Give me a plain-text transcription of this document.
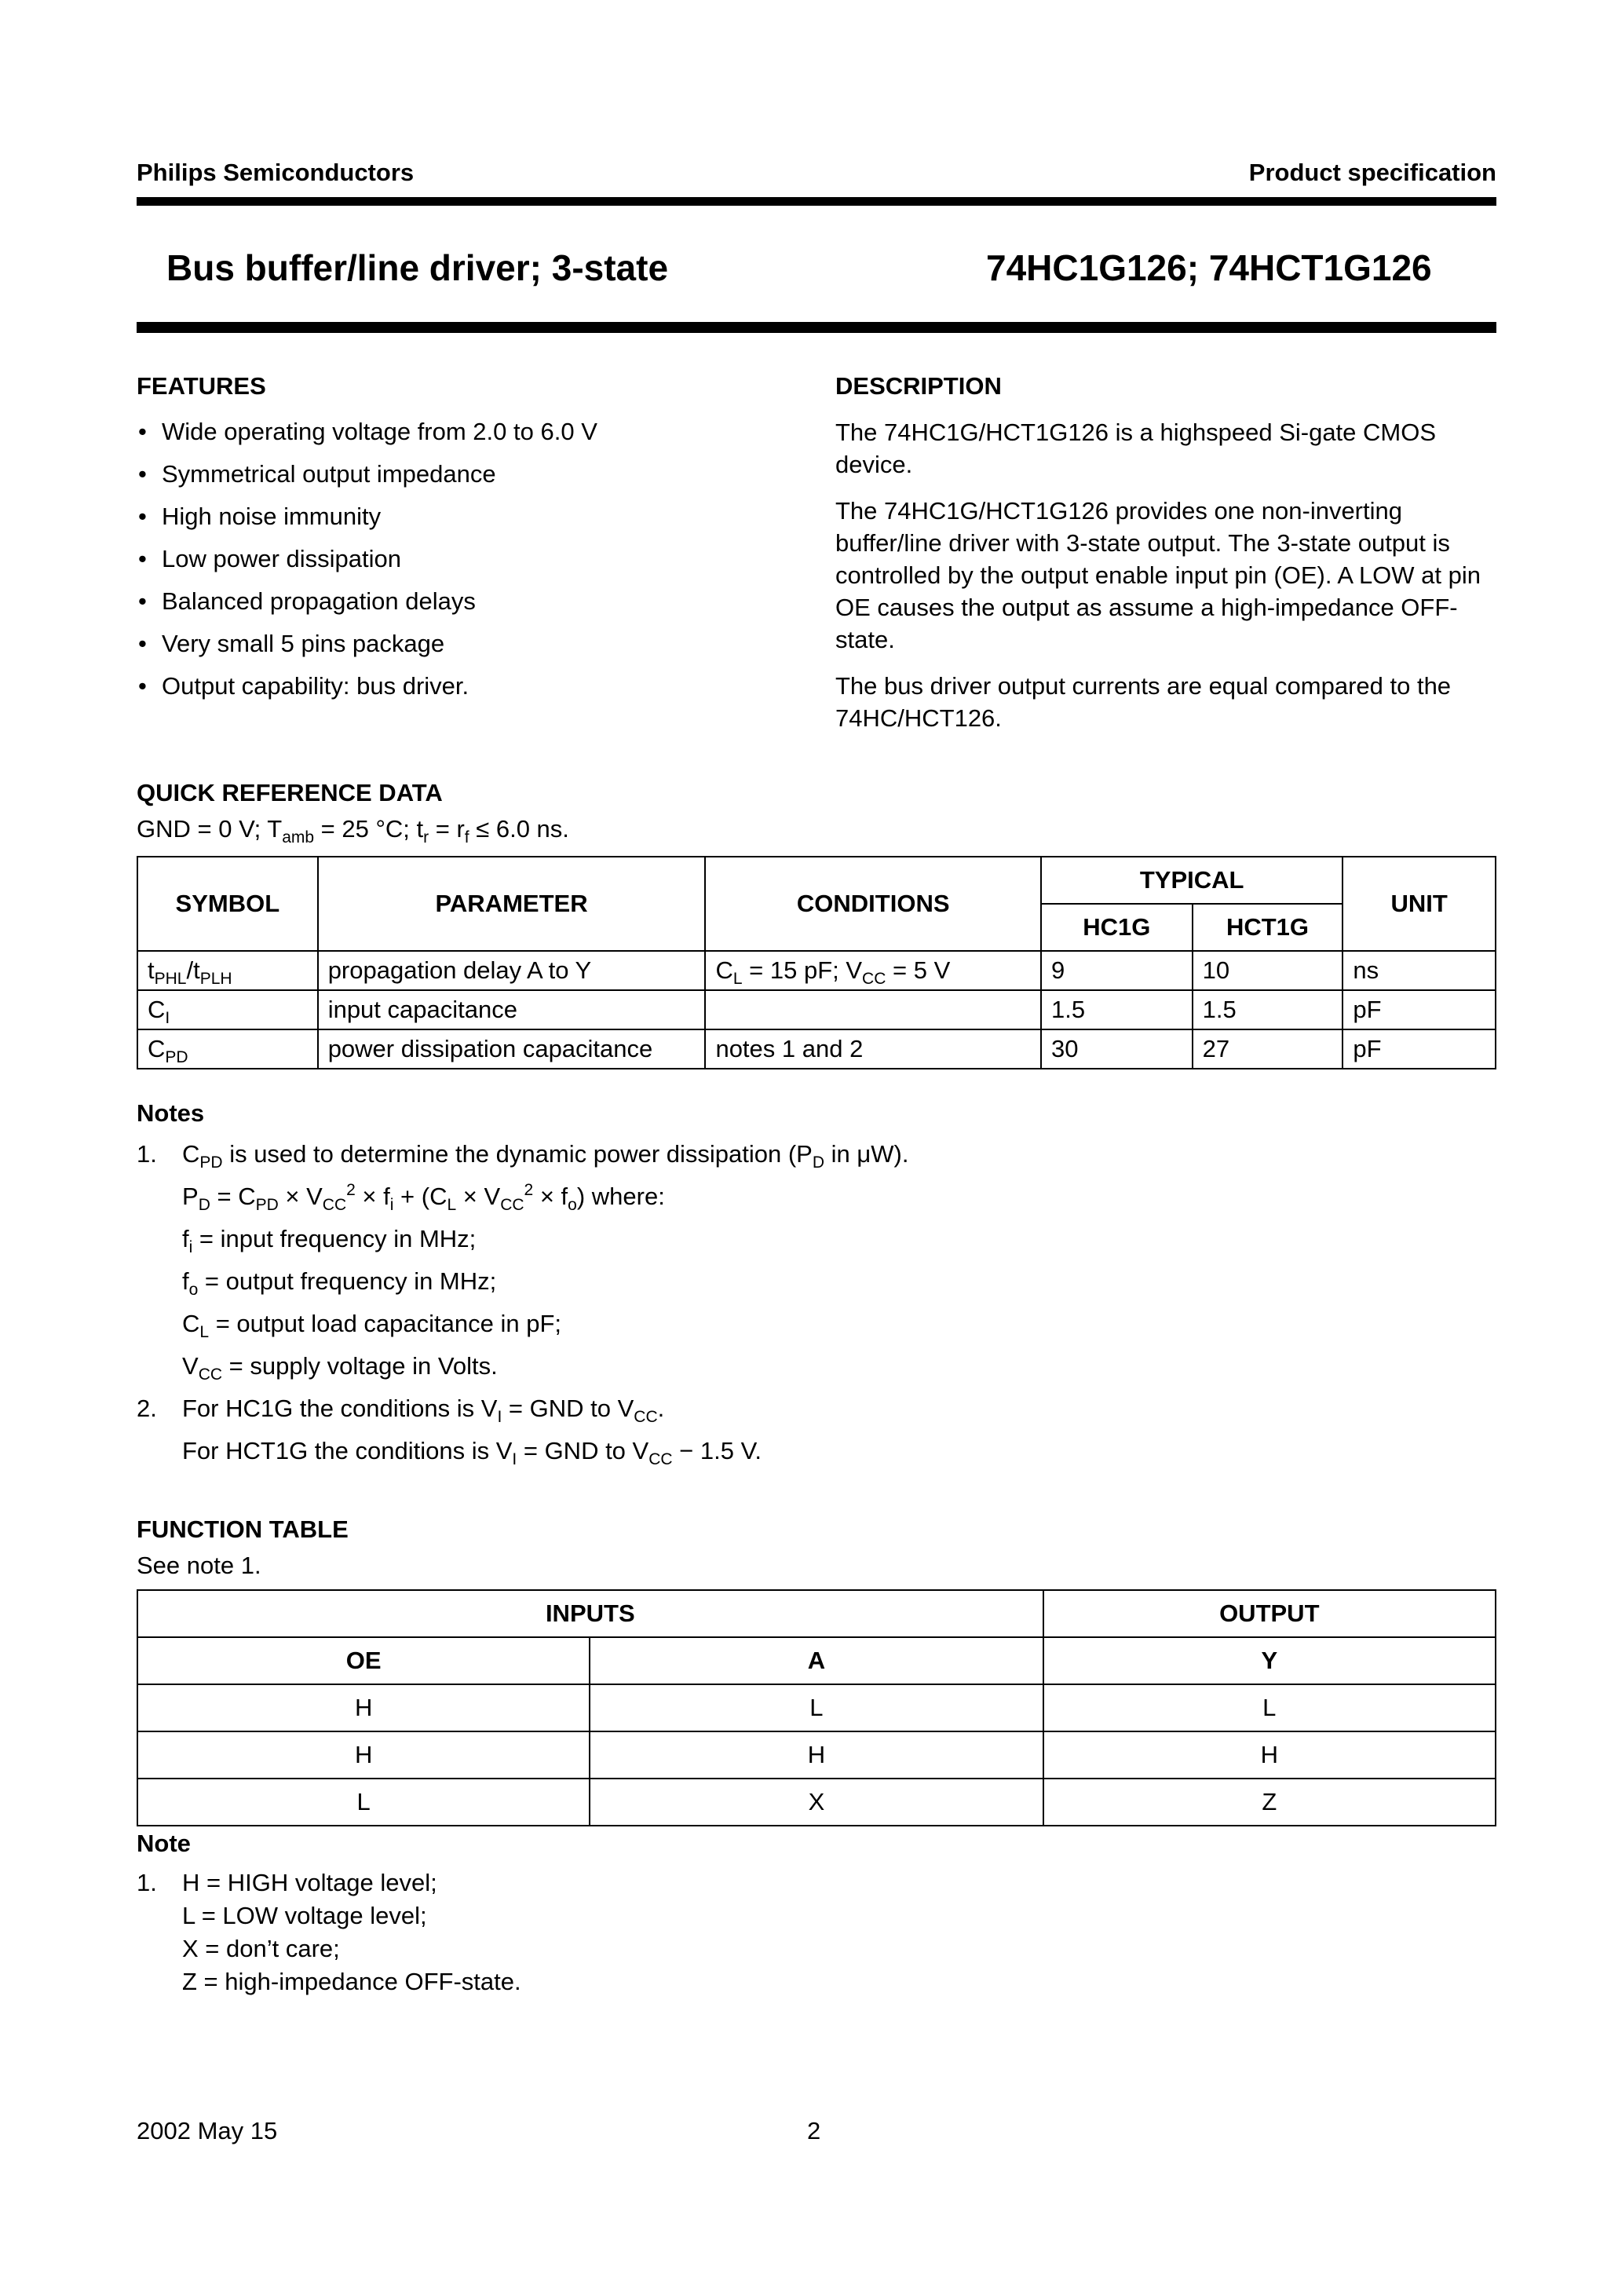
Philips Semiconductors	Product specification
Bus buffer/line driver; 3-state	74HC1G126; 74HCT1G126
FEATURES
• Wide operating voltage from 2.0 to 6.0 V
• Symmetrical output impedance
• High noise immunity
• Low power dissipation
• Balanced propagation delays
• Very small 5 pins package
• Output capability: bus driver.
DESCRIPTION

The 74HC1G/HCT1G126 is a highspeed Si-gate CMOS device.

The 74HC1G/HCT1G126 provides one non-inverting buffer/line driver with 3-state output. The 3-state output is controlled by the output enable input pin (OE). A LOW at pin OE causes the output as assume a high-impedance OFF-state.

The bus driver output currents are equal compared to the 74HC/HCT126.

QUICK REFERENCE DATA
GND = 0 V; $T_{amb} = 25$ °C; $t_r = r_f \le 6.0$ ns.
SYMBOL	PARAMETER	CONDITIONS	TYPICAL		UNIT
			HC1G	HCT1G	
$t_{PHL}/t_{PLH}$	propagation delay A to Y	$C_L = 15$ pF; $V_{CC} = 5$ V	9	10	ns
$C_I$	input capacitance		1.5	1.5	pF
$C_{PD}$	power dissipation capacitance	notes 1 and 2	30	27	pF
Notes
1. $C_{PD}$ is used to determine the dynamic power dissipation ($P_D$ in μW).
$P_D = C_{PD} \times V_{CC}^2 \times f_i + (C_L \times V_{CC}^2 \times f_o)$ where:
$f_i$ = input frequency in MHz;
$f_o$ = output frequency in MHz;
$C_L$ = output load capacitance in pF;
$V_{CC}$ = supply voltage in Volts.
2. For HC1G the conditions is $V_I$ = GND to $V_{CC}$.
For HCT1G the conditions is $V_I$ = GND to $V_{CC} - 1.5$ V.
FUNCTION TABLE
See note 1.
INPUTS		OUTPUT
OE	A	Y
H	L	L
H	H	H
L	X	Z
Note
1. H = HIGH voltage level;
L = LOW voltage level;
X = don’t care;
Z = high-impedance OFF-state.
2002 May 15	2
